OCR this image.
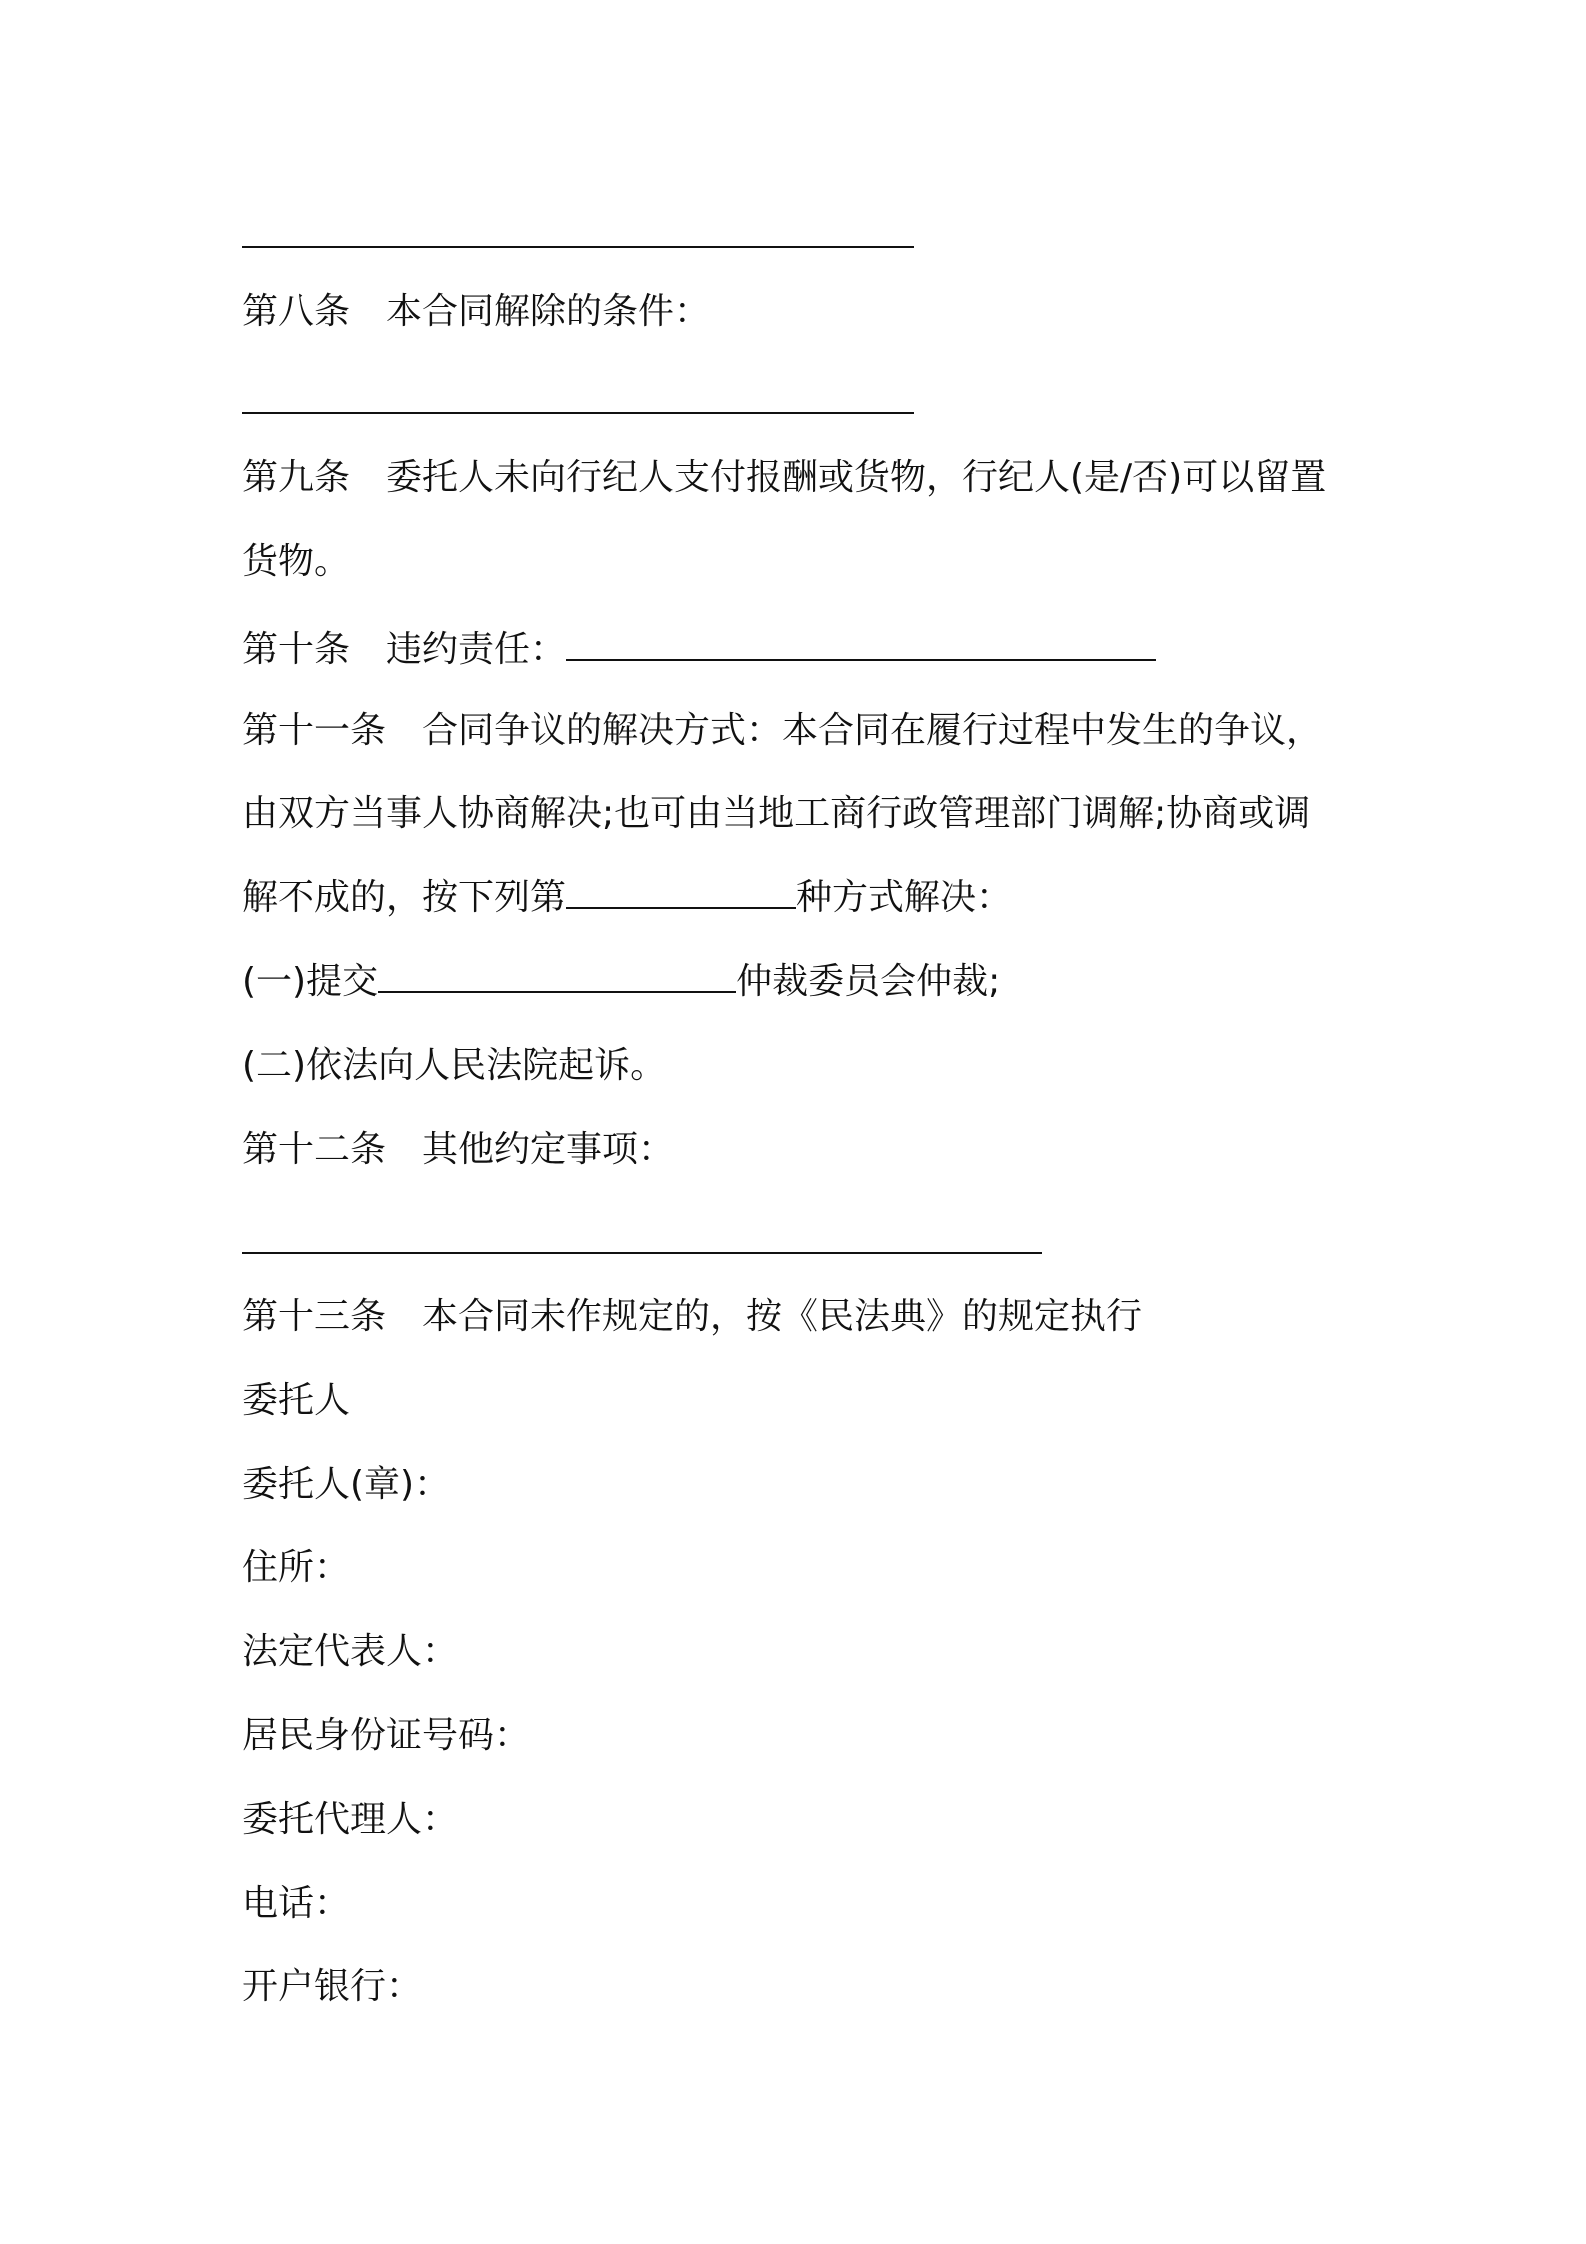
第八条　本合同解除的条件：
第九条　委托人未向行纪人支付报酬或货物，行纪人(是/否)可以留置
货物。
第十条　违约责任：
第十一条　合同争议的解决方式：本合同在履行过程中发生的争议，
由双方当事人协商解决;也可由当地工商行政管理部门调解;协商或调
解不成的，按下列第	种方式解决：
(一)提交	仲裁委员会仲裁;
(二)依法向人民法院起诉。
第十二条　其他约定事项：
第十三条　本合同未作规定的，按《民法典》的规定执行
委托人
委托人(章)：
住所：
法定代表人：
居民身份证号码：
委托代理人：
电话：
开户银行：
